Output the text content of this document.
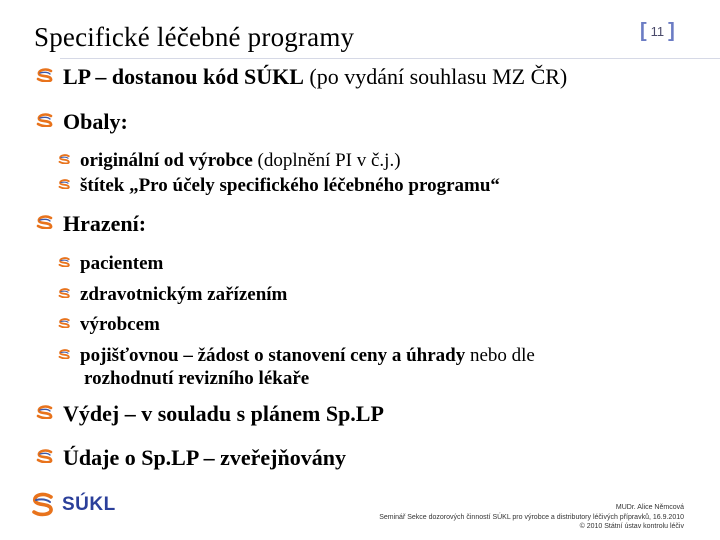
Specifické léčebné programy	[ 11 ]
LP – dostanou kód SÚKL (po vydání souhlasu MZ ČR)
Obaly:
originální od výrobce (doplnění PI v č.j.)
štítek „Pro účely specifického léčebného programu“
Hrazení:
pacientem
zdravotnickým zařízením
výrobcem
pojišťovnou – žádost o stanovení ceny a úhrady nebo dle
rozhodnutí revizního lékaře
Výdej – v souladu s plánem Sp.LP
Údaje o Sp.LP – zveřejňovány
SÚKL	MUDr. Alice Němcová
Seminář Sekce dozorových činností SÚKL pro výrobce a distributory léčivých přípravků, 16.9.2010
© 2010 Státní ústav kontrolu léčiv
